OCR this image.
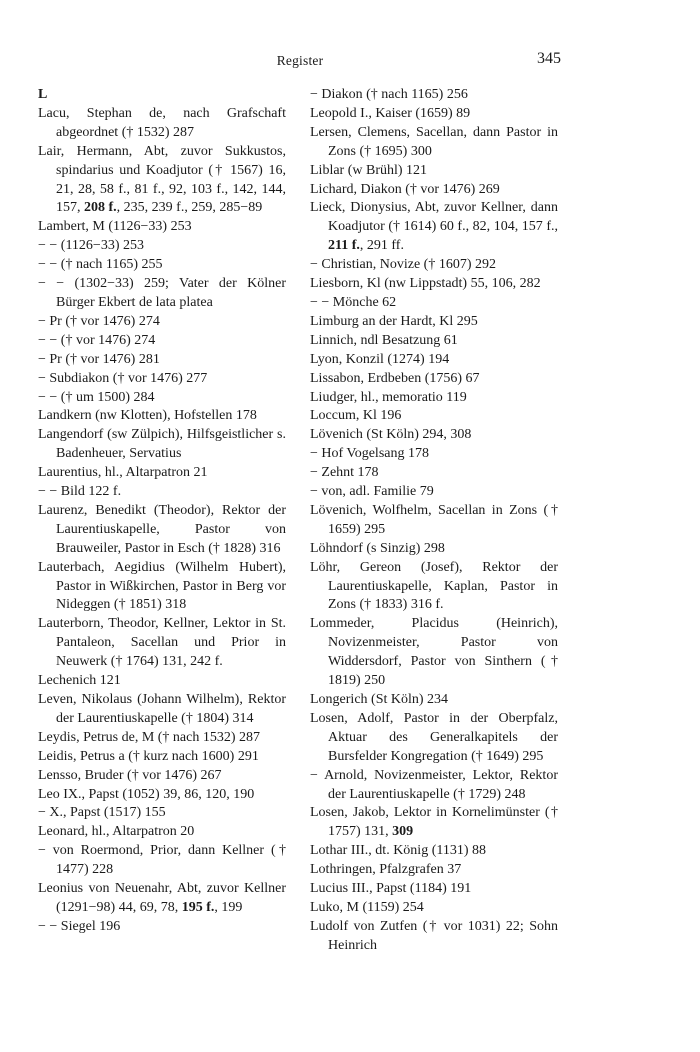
Register	345

L

Lacu, Stephan de, nach Grafschaft abgeordnet († 1532) 287

Lair, Hermann, Abt, zuvor Sukkustos, spindarius und Koadjutor († 1567) 16, 21, 28, 58 f., 81 f., 92, 103 f., 142, 144, 157, 208 f., 235, 239 f., 259, 285−89

Lambert, M (1126−33) 253

− − (1126−33) 253

− − († nach 1165) 255

− − (1302−33) 259; Vater der Kölner Bürger Ekbert de lata platea

− Pr († vor 1476) 274

− − († vor 1476) 274

− Pr († vor 1476) 281

− Subdiakon († vor 1476) 277

− − († um 1500) 284

Landkern (nw Klotten), Hofstellen 178

Langendorf (sw Zülpich), Hilfsgeistlicher s. Badenheuer, Servatius

Laurentius, hl., Altarpatron 21

− − Bild 122 f.

Laurenz, Benedikt (Theodor), Rektor der Laurentiuskapelle, Pastor von Brauweiler, Pastor in Esch († 1828) 316

Lauterbach, Aegidius (Wilhelm Hubert), Pastor in Wißkirchen, Pastor in Berg vor Nideggen († 1851) 318

Lauterborn, Theodor, Kellner, Lektor in St. Pantaleon, Sacellan und Prior in Neuwerk († 1764) 131, 242 f.

Lechenich 121

Leven, Nikolaus (Johann Wilhelm), Rektor der Laurentiuskapelle († 1804) 314

Leydis, Petrus de, M († nach 1532) 287

Leidis, Petrus a († kurz nach 1600) 291

Lensso, Bruder († vor 1476) 267

Leo IX., Papst (1052) 39, 86, 120, 190

− X., Papst (1517) 155

Leonard, hl., Altarpatron 20

− von Roermond, Prior, dann Kellner († 1477) 228

Leonius von Neuenahr, Abt, zuvor Kellner (1291−98) 44, 69, 78, 195 f., 199

− − Siegel 196

− Diakon († nach 1165) 256

Leopold I., Kaiser (1659) 89

Lersen, Clemens, Sacellan, dann Pastor in Zons († 1695) 300

Liblar (w Brühl) 121

Lichard, Diakon († vor 1476) 269

Lieck, Dionysius, Abt, zuvor Kellner, dann Koadjutor († 1614) 60 f., 82, 104, 157 f., 211 f., 291 ff.

− Christian, Novize († 1607) 292

Liesborn, Kl (nw Lippstadt) 55, 106, 282

− − Mönche 62

Limburg an der Hardt, Kl 295

Linnich, ndl Besatzung 61

Lyon, Konzil (1274) 194

Lissabon, Erdbeben (1756) 67

Liudger, hl., memoratio 119

Loccum, Kl 196

Lövenich (St Köln) 294, 308

− Hof Vogelsang 178

− Zehnt 178

− von, adl. Familie 79

Lövenich, Wolfhelm, Sacellan in Zons († 1659) 295

Löhndorf (s Sinzig) 298

Löhr, Gereon (Josef), Rektor der Laurentiuskapelle, Kaplan, Pastor in Zons († 1833) 316 f.

Lommeder, Placidus (Heinrich), Novizenmeister, Pastor von Widdersdorf, Pastor von Sinthern († 1819) 250

Longerich (St Köln) 234

Losen, Adolf, Pastor in der Oberpfalz, Aktuar des Generalkapitels der Bursfelder Kongregation († 1649) 295

− Arnold, Novizenmeister, Lektor, Rektor der Laurentiuskapelle († 1729) 248

Losen, Jakob, Lektor in Kornelimünster († 1757) 131, 309

Lothar III., dt. König (1131) 88

Lothringen, Pfalzgrafen 37

Lucius III., Papst (1184) 191

Luko, M (1159) 254

Ludolf von Zutfen († vor 1031) 22; Sohn Heinrich
